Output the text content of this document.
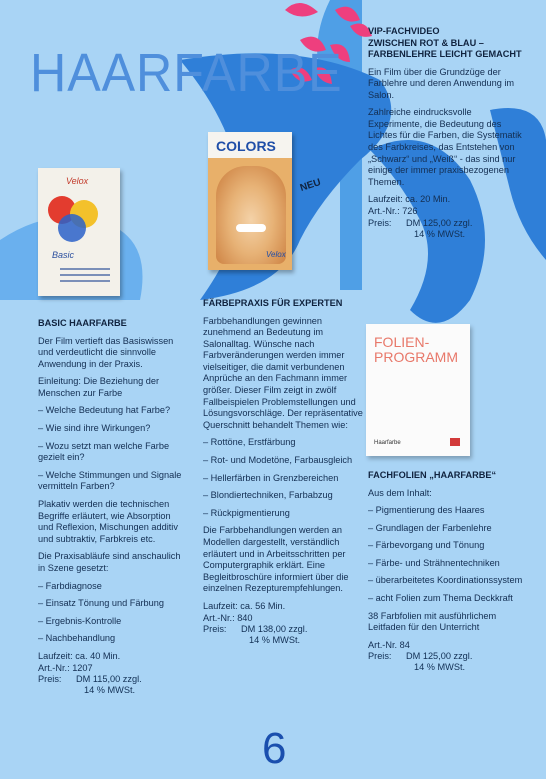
HAARFARBE
Velox
Basic
COLORS
Velox
NEU
FOLIEN-
PROGRAMM
Haarfarbe
BASIC HAARFARBE

Der Film vertieft das Basiswissen und verdeutlicht die sinnvolle Anwendung in der Praxis.

Einleitung: Die Beziehung der Menschen zur Farbe

– Welche Bedeutung hat Farbe?
– Wie sind ihre Wirkungen?
– Wozu setzt man welche Farbe gezielt ein?
– Welche Stimmungen und Signale vermitteln Farben?

Plakativ werden die technischen Begriffe erläutert, wie Absorption und Reflexion, Mischungen additiv und subtraktiv, Farbkreis etc.

Die Praxisabläufe sind anschaulich in Szene gesetzt:

– Farbdiagnose
– Einsatz Tönung und Färbung
– Ergebnis-Kontrolle
– Nachbehandlung

Laufzeit: ca. 40 Min.

Art.-Nr.: 1207

Preis:	DM 115,00 zzgl.
14 % MWSt.
FÄRBEPRAXIS FÜR EXPERTEN

Farbbehandlungen gewinnen zunehmend an Bedeutung im Salonalltag. Wünsche nach Farbveränderungen werden immer vielseitiger, die damit verbundenen Anprüche an den Fachmann immer größer. Dieser Film zeigt in zwölf Fallbeispielen Problemstellungen und Lösungsvorschläge. Der repräsentative Querschnitt behandelt Themen wie:

– Rottöne, Erstfärbung
– Rot- und Modetöne, Farbausgleich
– Hellerfärben in Grenzbereichen
– Blondiertechniken, Farbabzug
– Rückpigmentierung

Die Farbbehandlungen werden an Modellen dargestellt, verständlich erläutert und in Arbeitsschritten per Computergraphik erklärt. Eine Begleitbroschüre informiert über die einzelnen Rezepturempfehlungen.

Laufzeit: ca. 56 Min.

Art.-Nr.: 840

Preis:	DM 138,00 zzgl.
14 % MWSt.
VIP-FACHVIDEO
ZWISCHEN ROT & BLAU –
FARBENLEHRE LEICHT GEMACHT

Ein Film über die Grundzüge der Farblehre und deren Anwendung im Salon.

Zahlreiche eindrucksvolle Experimente, die Bedeutung des Lichtes für die Farben, die Systematik des Farbkreises, das Entstehen von „Schwarz“ und „Weiß“ - das sind nur einige der immer praxisbezogenen Themen.

Laufzeit: ca. 20 Min.

Art.-Nr.: 726

Preis:	DM 125,00 zzgl.
14 % MWSt.
FACHFOLIEN „HAARFARBE“

Aus dem Inhalt:

– Pigmentierung des Haares
– Grundlagen der Farbenlehre
– Färbevorgang und Tönung
– Färbe- und Strähnentechniken
– überarbeitetes Koordinationssystem
– acht Folien zum Thema Deckkraft

38 Farbfolien mit ausführlichem Leitfaden für den Unterricht

Art.-Nr. 84

Preis:	DM 125,00 zzgl.
14 % MWSt.
6
